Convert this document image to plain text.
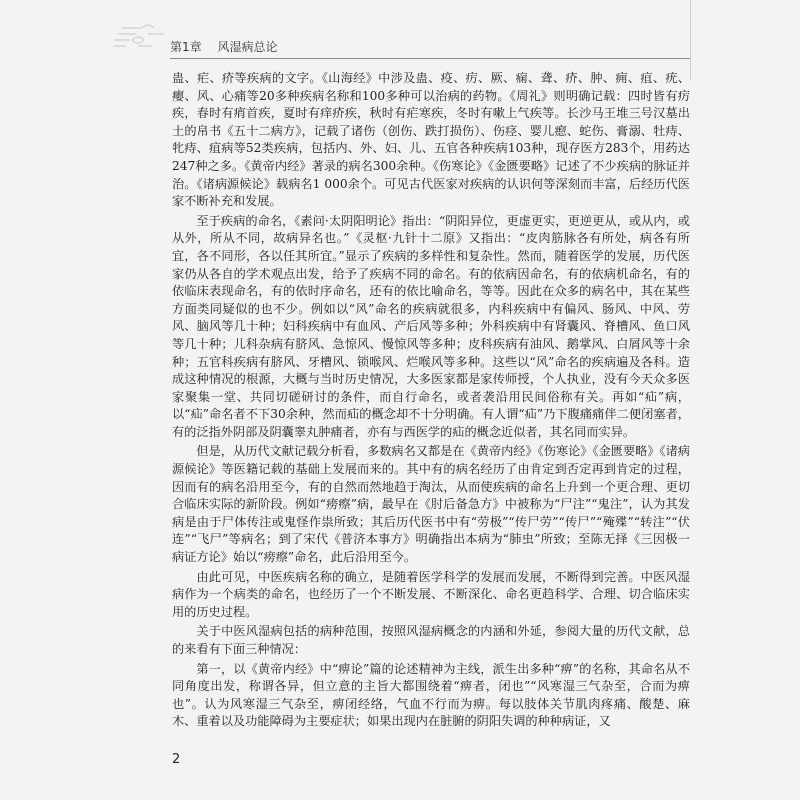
第1章 风湿病总论

蛊、疟、疥等疾病的文字。《山海经》中涉及蛊、疫、疠、厥、痫、聋、疥、肿、痈、疽、疣、瘿、风、心痛等20多种疾病名称和100多种可以治病的药物。《周礼》则明确记载：四时皆有疠疾，春时有痟首疾，夏时有痒疥疾，秋时有疟寒疾，冬时有嗽上气疾等。长沙马王堆三号汉墓出土的帛书《五十二病方》，记载了诸伤（创伤、跌打损伤）、伤痉、婴儿瘛、蛇伤、膏溺、牡痔、牝痔、疽病等52类疾病，包括内、外、妇、儿、五官各种疾病103种，现存医方283个，用药达247种之多。《黄帝内经》著录的病名300余种。《伤寒论》《金匮要略》记述了不少疾病的脉证并治。《诸病源候论》载病名1 000余个。可见古代医家对疾病的认识何等深刻而丰富，后经历代医家不断补充和发展。

至于疾病的命名，《素问·太阴阳明论》指出：“阴阳异位，更虚更实，更逆更从，或从内，或从外，所从不同，故病异名也。”《灵枢·九针十二原》又指出：“皮肉筋脉各有所处，病各有所宜，各不同形，各以任其所宜。”显示了疾病的多样性和复杂性。然而，随着医学的发展，历代医家仍从各自的学术观点出发，给予了疾病不同的命名。有的依病因命名，有的依病机命名，有的依临床表现命名，有的依时序命名，还有的依比喻命名，等等。因此在众多的病名中，其在某些方面类同疑似的也不少。例如以“风”命名的疾病就很多，内科疾病中有偏风、肠风、中风、劳风、脑风等几十种；妇科疾病中有血风、产后风等多种；外科疾病中有肾囊风、脊槽风、鱼口风等几十种；儿科杂病有脐风、急惊风、慢惊风等多种；皮科疾病有油风、鹅掌风、白屑风等十余种；五官科疾病有脐风、牙槽风、锁喉风、烂喉风等多种。这些以“风”命名的疾病遍及各科。造成这种情况的根源，大概与当时历史情况，大多医家都是家传师授，个人执业，没有今天众多医家聚集一堂、共同切磋研讨的条件，而自行命名，或者袭沿用民间俗称有关。再如“疝”病，以“疝”命名者不下30余种，然而疝的概念却不十分明确。有人谓“疝”乃下腹痛痛伴二便闭塞者，有的泛指外阴部及阴囊睾丸肿痛者，亦有与西医学的疝的概念近似者，其名同而实异。

但是，从历代文献记载分析看，多数病名又都是在《黄帝内经》《伤寒论》《金匮要略》《诸病源候论》等医籍记载的基础上发展而来的。其中有的病名经历了由肯定到否定再到肯定的过程，因而有的病名沿用至今，有的自然而然地趋于淘汰，从而使疾病的命名上升到一个更合理、更切合临床实际的新阶段。例如“痨瘵”病，最早在《肘后备急方》中被称为“尸注”“鬼注”，认为其发病是由于尸体传注或鬼怪作祟所致；其后历代医书中有“劳极”“传尸劳”“传尸”“殗殜”“转注”“伏连”“飞尸”等病名；到了宋代《普济本事方》明确指出本病为“肺虫”所致；至陈无择《三因极一病证方论》始以“痨瘵”命名，此后沿用至今。

由此可见，中医疾病名称的确立，是随着医学科学的发展而发展，不断得到完善。中医风湿病作为一个病类的命名，也经历了一个不断发展、不断深化、命名更趋科学、合理、切合临床实用的历史过程。

关于中医风湿病包括的病种范围，按照风湿病概念的内涵和外延，参阅大量的历代文献，总的来看有下面三种情况：

第一，以《黄帝内经》中“痹论”篇的论述精神为主线，派生出多种“痹”的名称，其命名从不同角度出发，称谓各异，但立意的主旨大都围绕着“痹者，闭也”“风寒湿三气杂至，合而为痹也”。认为风寒湿三气杂至，痹闭经络，气血不行而为痹。每以肢体关节肌肉疼痛、酸楚、麻木、重着以及功能障碍为主要症状；如果出现内在脏腑的阴阳失调的种种病证，又

2
